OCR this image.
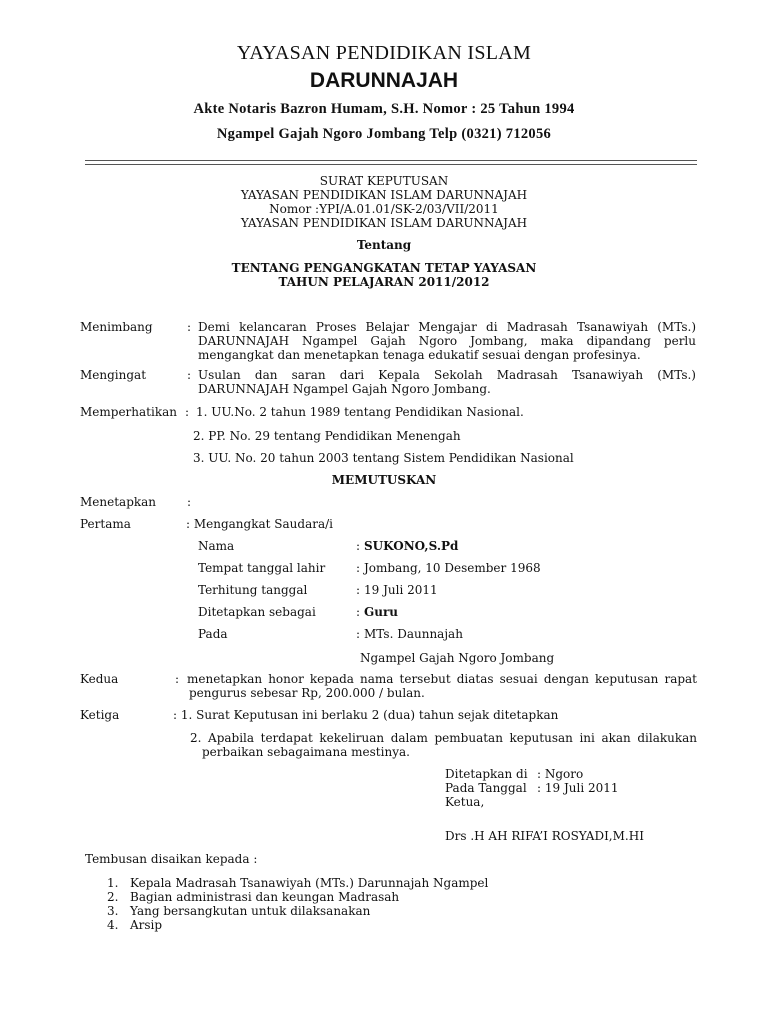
YAYASAN PENDIDIKAN ISLAM
DARUNNAJAH
Akte Notaris Bazron Humam, S.H. Nomor : 25 Tahun 1994
Ngampel Gajah Ngoro Jombang Telp (0321) 712056
SURAT KEPUTUSAN
YAYASAN PENDIDIKAN ISLAM DARUNNAJAH
Nomor :YPI/A.01.01/SK-2/03/VII/2011
YAYASAN PENDIDIKAN ISLAM DARUNNAJAH
Tentang
TENTANG PENGANGKATAN TETAP YAYASAN
TAHUN PELAJARAN 2011/2012
Menimbang	: Demi kelancaran Proses Belajar Mengajar di Madrasah Tsanawiyah (MTs.)
DARUNNAJAH Ngampel Gajah Ngoro Jombang, maka dipandang perlu
mengangkat dan menetapkan tenaga edukatif sesuai dengan profesinya.
Mengingat	: Usulan dan saran dari Kepala Sekolah Madrasah Tsanawiyah (MTs.)
DARUNNAJAH Ngampel Gajah Ngoro Jombang.
Memperhatikan : 1. UU.No. 2 tahun 1989 tentang Pendidikan Nasional.
2. PP. No. 29 tentang Pendidikan Menengah
3. UU. No. 20 tahun 2003 tentang Sistem Pendidikan Nasional
MEMUTUSKAN
Menetapkan	:
Pertama	: Mengangkat Saudara/i
Nama	: SUKONO,S.Pd
Tempat tanggal lahir	: Jombang, 10 Desember 1968
Terhitung tanggal	: 19 Juli 2011
Ditetapkan sebagai	: Guru
Pada	: MTs. Daunnajah
Ngampel Gajah Ngoro Jombang
Kedua	: menetapkan honor kepada nama tersebut diatas sesuai dengan keputusan rapat
pengurus sebesar Rp, 200.000 / bulan.
Ketiga	: 1. Surat Keputusan ini berlaku 2 (dua) tahun sejak ditetapkan
2. Apabila terdapat kekeliruan dalam pembuatan keputusan ini akan dilakukan
perbaikan sebagaimana mestinya.
Ditetapkan di : Ngoro
Pada Tanggal : 19 Juli 2011
Ketua,
Drs .H AH RIFA’I ROSYADI,M.HI
Tembusan disaikan kepada :
1. Kepala Madrasah Tsanawiyah (MTs.) Darunnajah Ngampel
2. Bagian administrasi dan keungan Madrasah
3. Yang bersangkutan untuk dilaksanakan
4. Arsip
